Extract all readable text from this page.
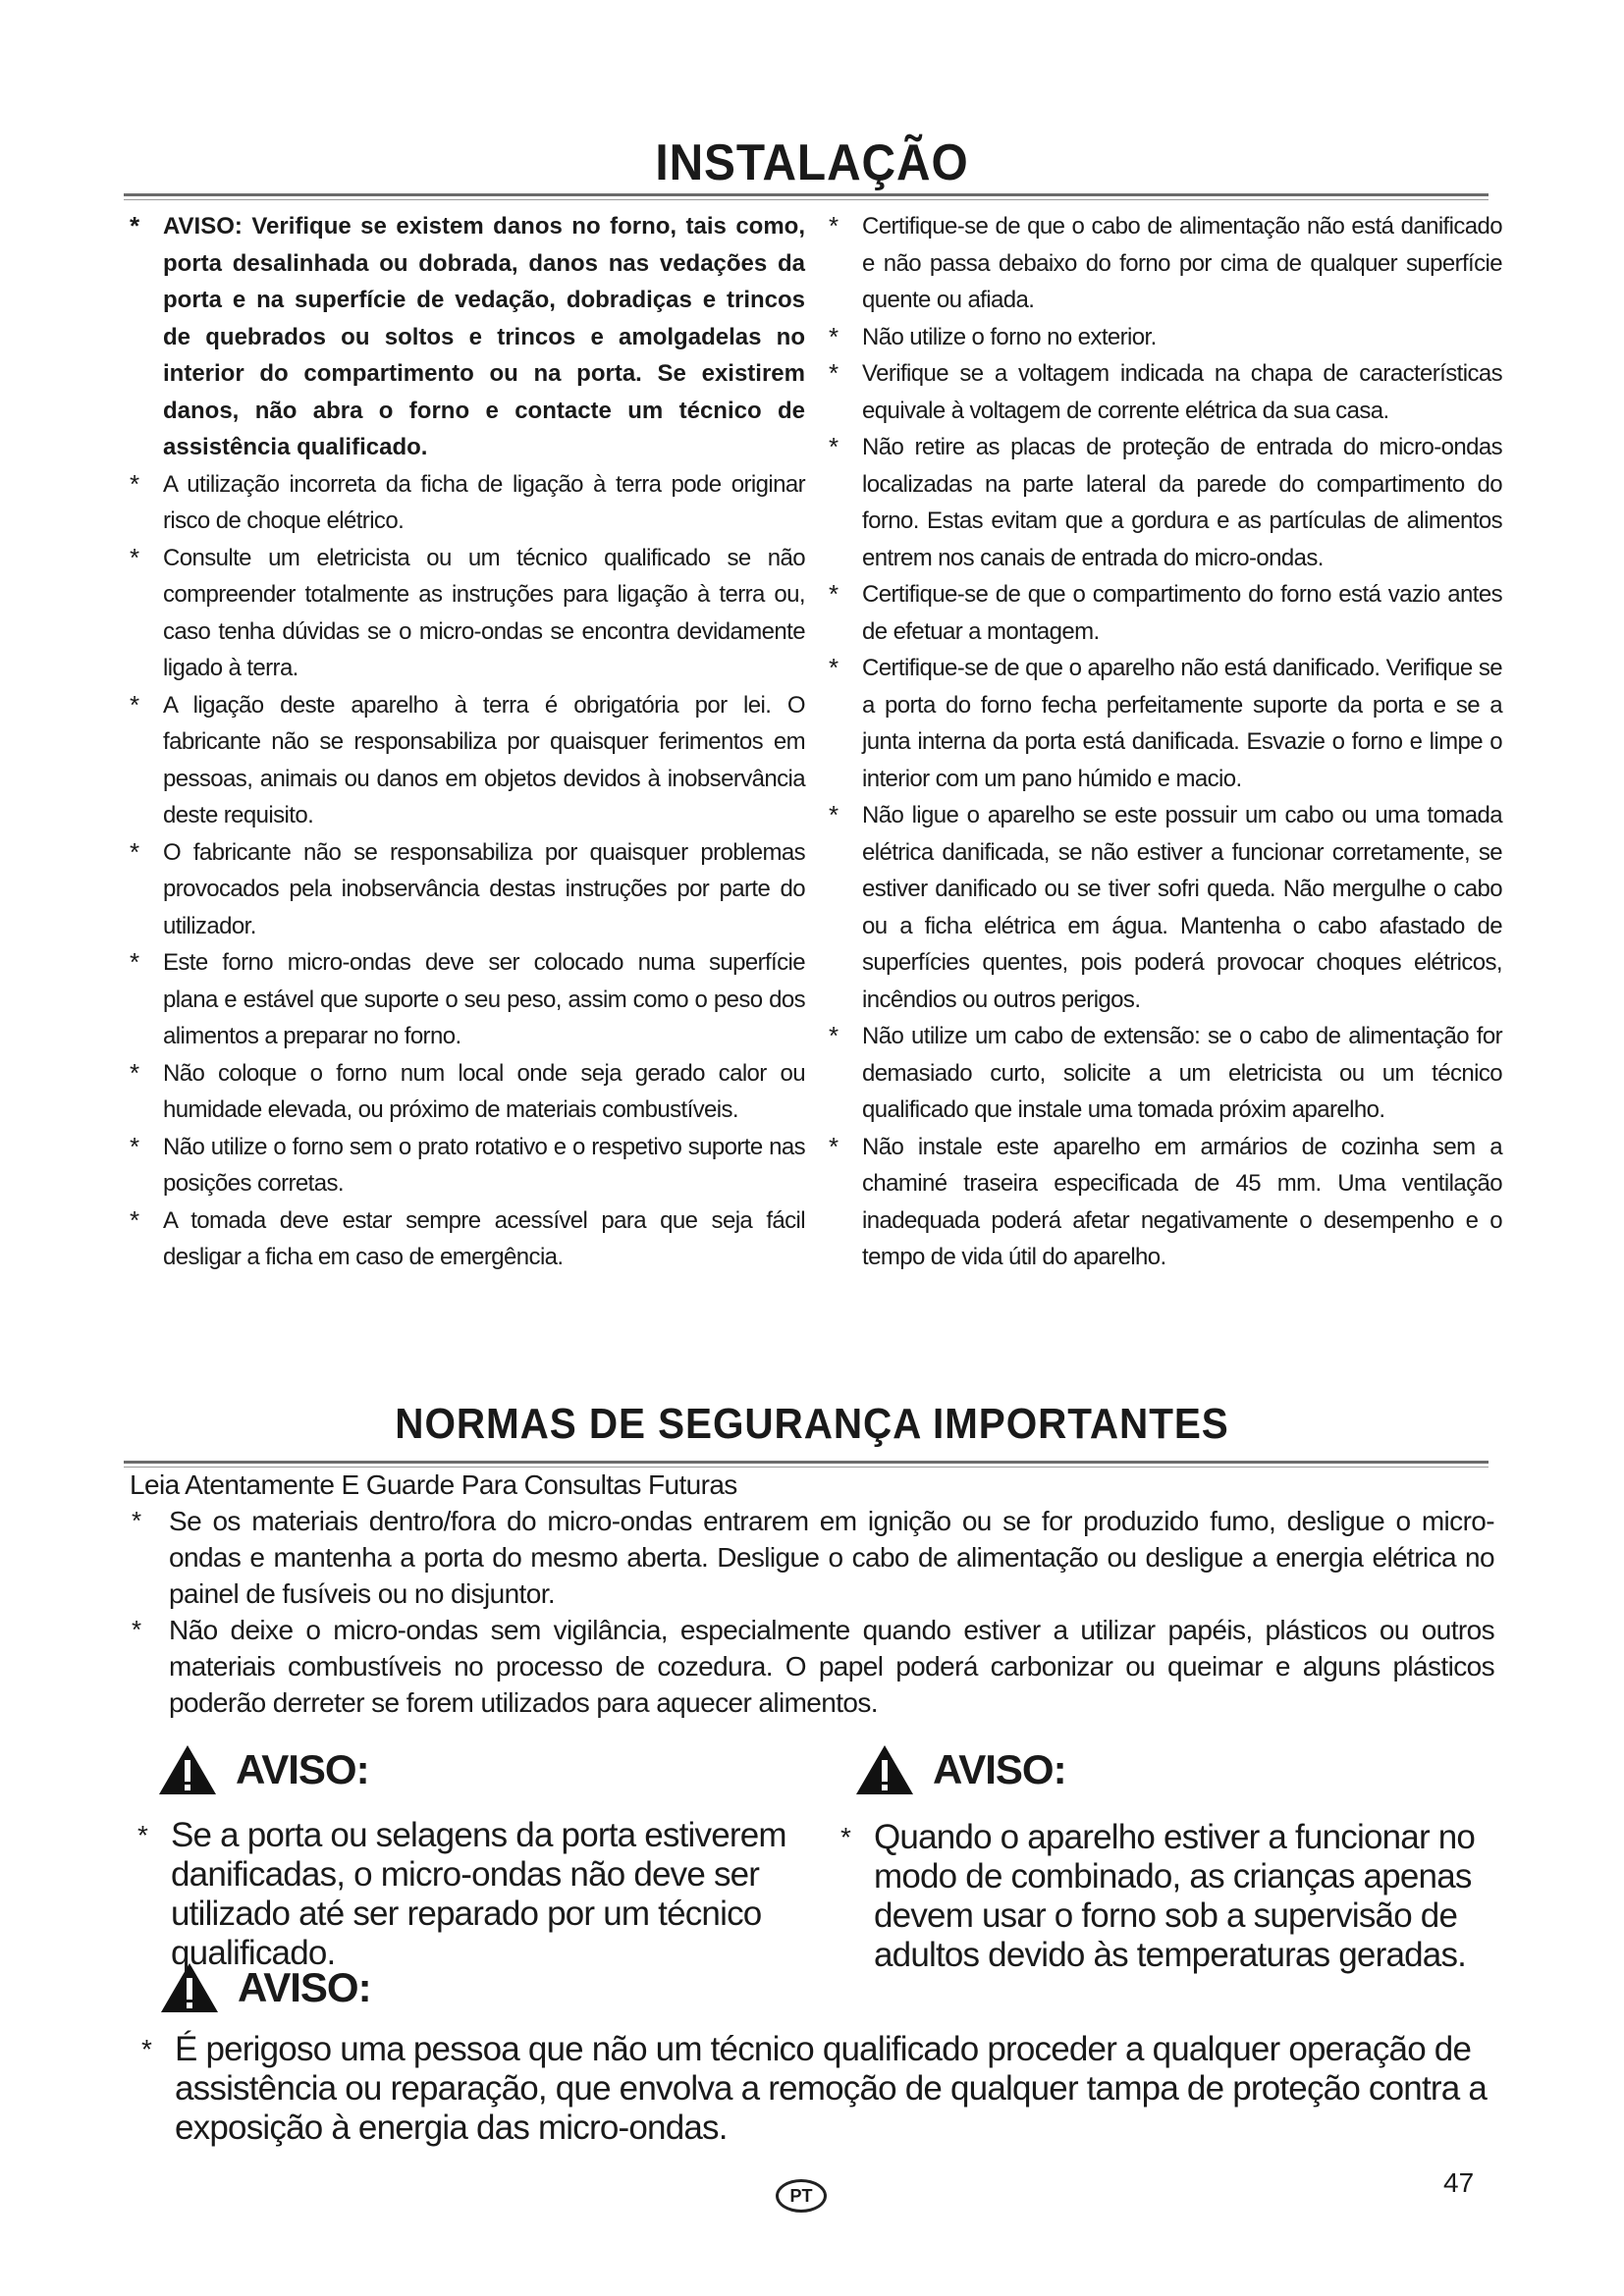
INSTALAÇÃO
* AVISO: Verifique se existem danos no forno, tais como, porta desalinhada ou dobrada, danos nas vedações da porta e na superfície de vedação, dobradiças e trincos de quebrados ou soltos e trincos e amolgadelas no interior do compartimento ou na porta. Se existirem danos, não abra o forno e contacte um técnico de assistência qualificado.
* A utilização incorreta da ficha de ligação à terra pode originar risco de choque elétrico.
* Consulte um eletricista ou um técnico qualificado se não compreender totalmente as instruções para ligação à terra ou, caso tenha dúvidas se o micro-ondas se encontra devidamente ligado à terra.
* A ligação deste aparelho à terra é obrigatória por lei. O fabricante não se responsabiliza por quaisquer ferimentos em pessoas, animais ou danos em objetos devidos à inobservância deste requisito.
* O fabricante não se responsabiliza por quaisquer problemas provocados pela inobservância destas instruções por parte do utilizador.
* Este forno micro-ondas deve ser colocado numa superfície plana e estável que suporte o seu peso, assim como o peso dos alimentos a preparar no forno.
* Não coloque o forno num local onde seja gerado calor ou humidade elevada, ou próximo de materiais combustíveis.
* Não utilize o forno sem o prato rotativo e o respetivo suporte nas posições corretas.
* A tomada deve estar sempre acessível para que seja fácil desligar a ficha em caso de emergência.
* Certifique-se de que o cabo de alimentação não está danificado e não passa debaixo do forno por cima de qualquer superfície quente ou afiada.
* Não utilize o forno no exterior.
* Verifique se a voltagem indicada na chapa de características equivale à voltagem de corrente elétrica da sua casa.
* Não retire as placas de proteção de entrada do micro-ondas localizadas na parte lateral da parede do compartimento do forno. Estas evitam que a gordura e as partículas de alimentos entrem nos canais de entrada do micro-ondas.
* Certifique-se de que o compartimento do forno está vazio antes de efetuar a montagem.
* Certifique-se de que o aparelho não está danificado. Verifique se a porta do forno fecha perfeitamente suporte da porta e se a junta interna da porta está danificada. Esvazie o forno e limpe o interior com um pano húmido e macio.
* Não ligue o aparelho se este possuir um cabo ou uma tomada elétrica danificada, se não estiver a funcionar corretamente, se estiver danificado ou se tiver sofri queda. Não mergulhe o cabo ou a ficha elétrica em água. Mantenha o cabo afastado de superfícies quentes, pois poderá provocar choques elétricos, incêndios ou outros perigos.
* Não utilize um cabo de extensão: se o cabo de alimentação for demasiado curto, solicite a um eletricista ou um técnico qualificado que instale uma tomada próxim aparelho.
* Não instale este aparelho em armários de cozinha sem a chaminé traseira especificada de 45 mm. Uma ventilação inadequada poderá afetar negativamente o desempenho e o tempo de vida útil do aparelho.
NORMAS DE SEGURANÇA IMPORTANTES
Leia Atentamente E Guarde Para Consultas Futuras
* Se os materiais dentro/fora do micro-ondas entrarem em ignição ou se for produzido fumo, desligue o micro-ondas e mantenha a porta do mesmo aberta. Desligue o cabo de alimentação ou desligue a energia elétrica no painel de fusíveis ou no disjuntor.
* Não deixe o micro-ondas sem vigilância, especialmente quando estiver a utilizar papéis, plásticos ou outros materiais combustíveis no processo de cozedura. O papel poderá carbonizar ou queimar e alguns plásticos poderão derreter se forem utilizados para aquecer alimentos.
AVISO:
* Se a porta ou selagens da porta estiverem danificadas, o micro-ondas não deve ser utilizado até ser reparado por um técnico qualificado.
AVISO:
* Quando o aparelho estiver a funcionar no modo de combinado, as crianças apenas devem usar o forno sob a supervisão de adultos devido às temperaturas geradas.
AVISO:
* É perigoso uma pessoa que não um técnico qualificado proceder a qualquer operação de assistência ou reparação, que envolva a remoção de qualquer tampa de proteção contra a exposição à energia das micro-ondas.
PT	47
